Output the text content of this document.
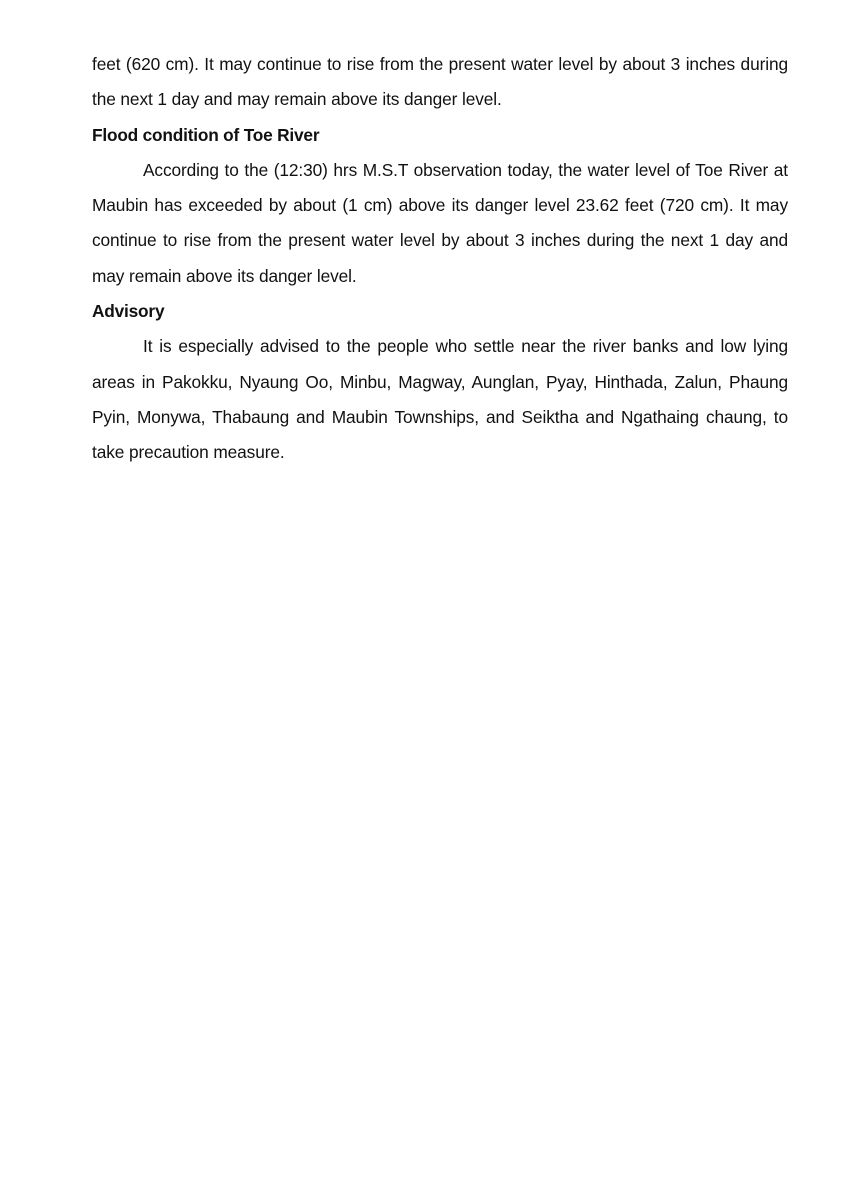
feet (620 cm). It may continue to rise from the present water level by about 3 inches during the next 1 day and may remain above its danger level.

Flood condition of Toe River

According to the (12:30) hrs M.S.T observation today, the water level of Toe River at Maubin has exceeded by about (1 cm) above its danger level 23.62 feet (720 cm). It may continue to rise from the present water level by about 3 inches during the next 1 day and may remain above its danger level.

Advisory

It is especially advised to the people who settle near the river banks and low lying areas in Pakokku, Nyaung Oo, Minbu, Magway, Aunglan, Pyay, Hinthada, Zalun, Phaung Pyin, Monywa, Thabaung and Maubin Townships, and Seiktha and Ngathaing chaung, to take precaution measure.
